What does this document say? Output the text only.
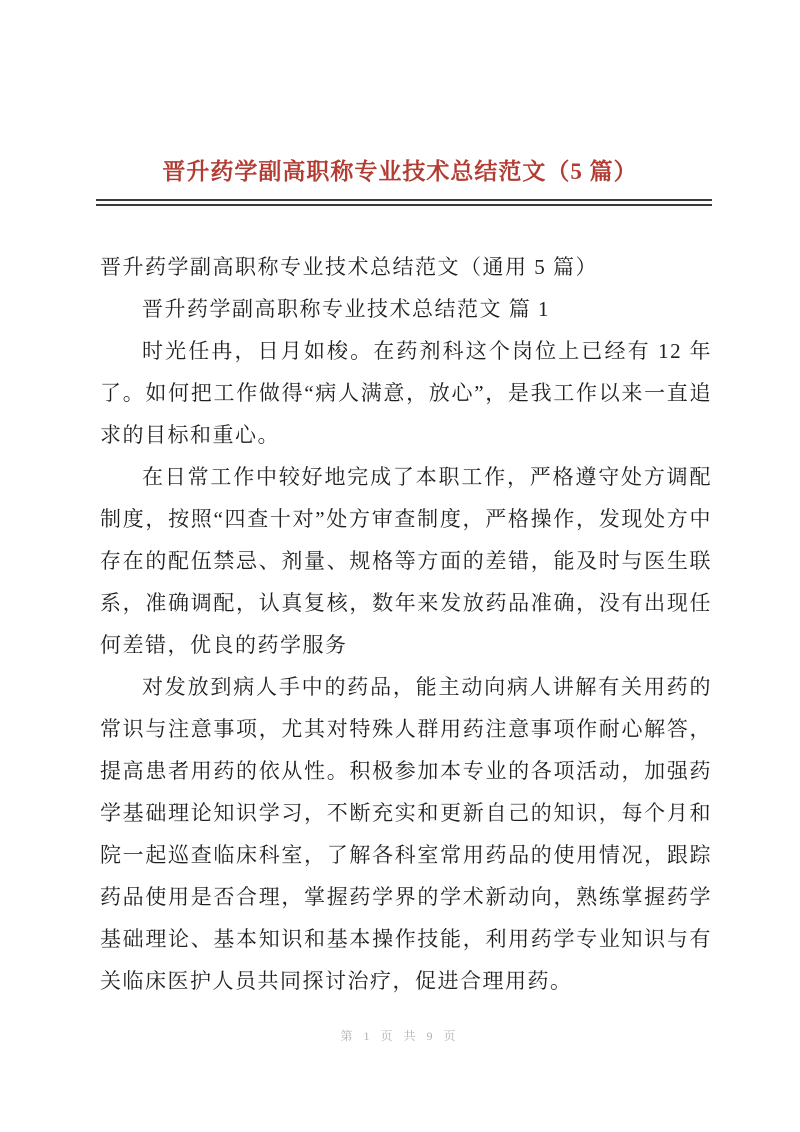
晋升药学副高职称专业技术总结范文（5 篇）

晋升药学副高职称专业技术总结范文（通用 5 篇）

晋升药学副高职称专业技术总结范文 篇 1

时光任冉，日月如梭。在药剂科这个岗位上已经有 12 年了。如何把工作做得“病人满意，放心”，是我工作以来一直追求的目标和重心。

在日常工作中较好地完成了本职工作，严格遵守处方调配制度，按照“四查十对”处方审查制度，严格操作，发现处方中存在的配伍禁忌、剂量、规格等方面的差错，能及时与医生联系，准确调配，认真复核，数年来发放药品准确，没有出现任何差错，优良的药学服务

对发放到病人手中的药品，能主动向病人讲解有关用药的常识与注意事项，尤其对特殊人群用药注意事项作耐心解答，提高患者用药的依从性。积极参加本专业的各项活动，加强药学基础理论知识学习，不断充实和更新自己的知识，每个月和院一起巡查临床科室，了解各科室常用药品的使用情况，跟踪药品使用是否合理，掌握药学界的学术新动向，熟练掌握药学基础理论、基本知识和基本操作技能，利用药学专业知识与有关临床医护人员共同探讨治疗，促进合理用药。

第 1 页 共 9 页
